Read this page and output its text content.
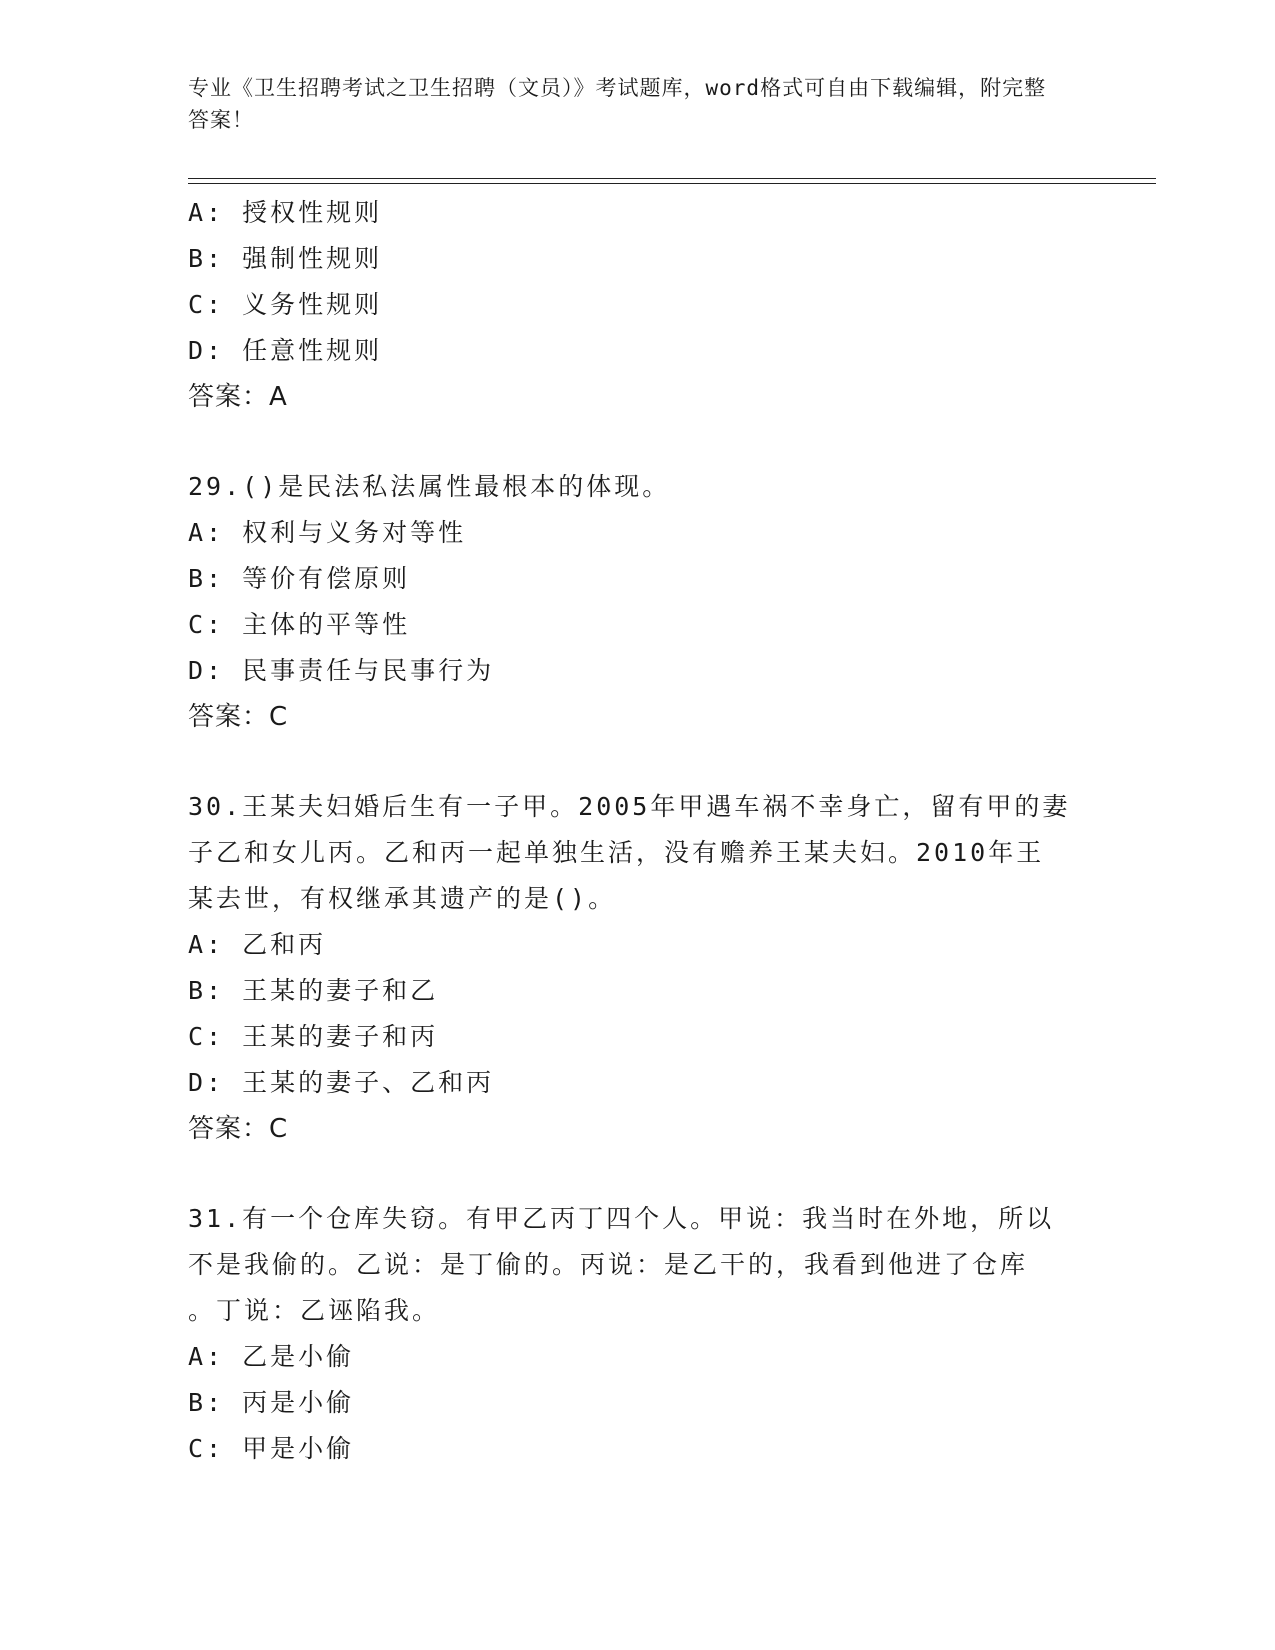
专业《卫生招聘考试之卫生招聘（文员）》考试题库，word格式可自由下载编辑，附完整答案！
A: 授权性规则
B: 强制性规则
C: 义务性规则
D: 任意性规则
答案：A
29.()是民法私法属性最根本的体现。
A: 权利与义务对等性
B: 等价有偿原则
C: 主体的平等性
D: 民事责任与民事行为
答案：C
30.王某夫妇婚后生有一子甲。2005年甲遇车祸不幸身亡，留有甲的妻
子乙和女儿丙。乙和丙一起单独生活，没有赡养王某夫妇。2010年王
某去世，有权继承其遗产的是()。
A: 乙和丙
B: 王某的妻子和乙
C: 王某的妻子和丙
D: 王某的妻子、乙和丙
答案：C
31.有一个仓库失窃。有甲乙丙丁四个人。甲说：我当时在外地，所以
不是我偷的。乙说：是丁偷的。丙说：是乙干的，我看到他进了仓库
。丁说：乙诬陷我。
A: 乙是小偷
B: 丙是小偷
C: 甲是小偷
